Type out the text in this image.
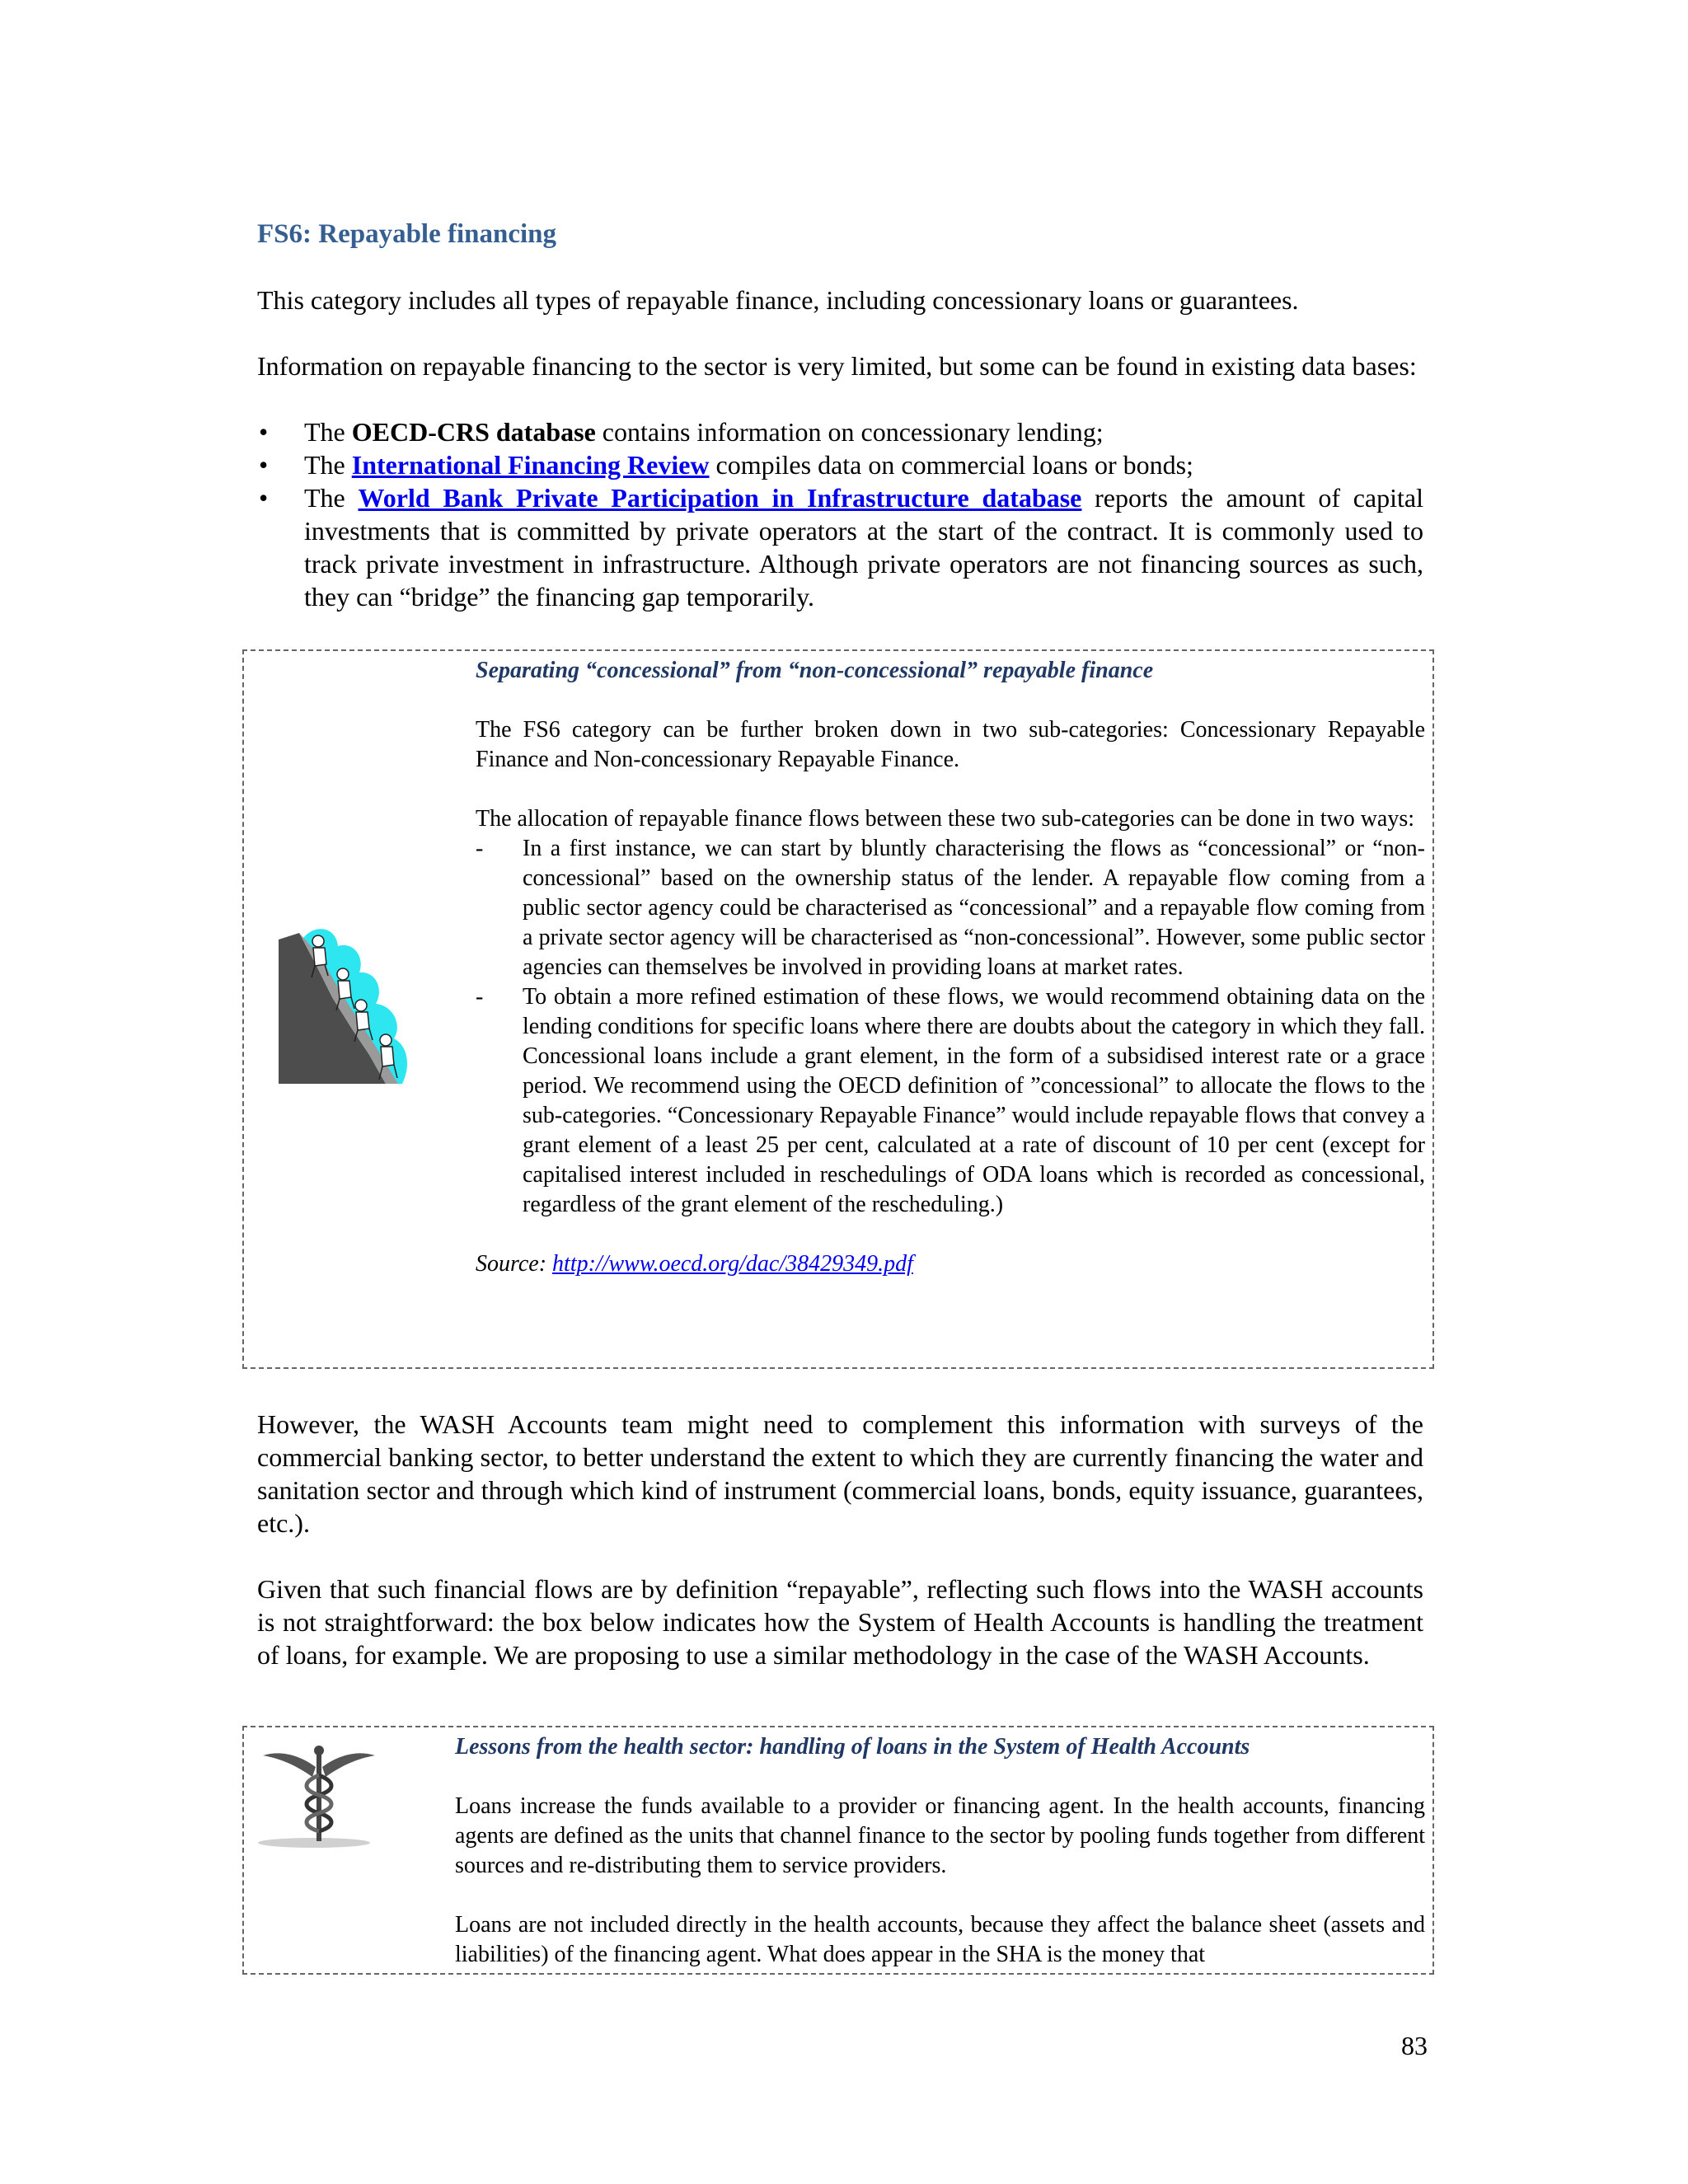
FS6: Repayable financing

This category includes all types of repayable finance, including concessionary loans or guarantees.

Information on repayable financing to the sector is very limited, but some can be found in existing data bases:

• The OECD-CRS database contains information on concessionary lending;
• The International Financing Review compiles data on commercial loans or bonds;
• The World Bank Private Participation in Infrastructure database reports the amount of capital investments that is committed by private operators at the start of the contract. It is commonly used to track private investment in infrastructure. Although private operators are not financing sources as such, they can “bridge” the financing gap temporarily.

Separating “concessional” from “non-concessional” repayable finance

The FS6 category can be further broken down in two sub-categories: Concessionary Repayable Finance and Non-concessionary Repayable Finance.

The allocation of repayable finance flows between these two sub-categories can be done in two ways:

- In a first instance, we can start by bluntly characterising the flows as “concessional” or “non-concessional” based on the ownership status of the lender. A repayable flow coming from a public sector agency could be characterised as “concessional” and a repayable flow coming from a private sector agency will be characterised as “non-concessional”. However, some public sector agencies can themselves be involved in providing loans at market rates.
- To obtain a more refined estimation of these flows, we would recommend obtaining data on the lending conditions for specific loans where there are doubts about the category in which they fall. Concessional loans include a grant element, in the form of a subsidised interest rate or a grace period. We recommend using the OECD definition of ”concessional” to allocate the flows to the sub-categories. “Concessionary Repayable Finance” would include repayable flows that convey a grant element of a least 25 per cent, calculated at a rate of discount of 10 per cent (except for capitalised interest included in reschedulings of ODA loans which is recorded as concessional, regardless of the grant element of the rescheduling.)

Source: http://www.oecd.org/dac/38429349.pdf

However, the WASH Accounts team might need to complement this information with surveys of the commercial banking sector, to better understand the extent to which they are currently financing the water and sanitation sector and through which kind of instrument (commercial loans, bonds, equity issuance, guarantees, etc.).

Given that such financial flows are by definition “repayable”, reflecting such flows into the WASH accounts is not straightforward: the box below indicates how the System of Health Accounts is handling the treatment of loans, for example. We are proposing to use a similar methodology in the case of the WASH Accounts.

Lessons from the health sector: handling of loans in the System of Health Accounts

Loans increase the funds available to a provider or financing agent. In the health accounts, financing agents are defined as the units that channel finance to the sector by pooling funds together from different sources and re-distributing them to service providers.

Loans are not included directly in the health accounts, because they affect the balance sheet (assets and liabilities) of the financing agent. What does appear in the SHA is the money that

83
